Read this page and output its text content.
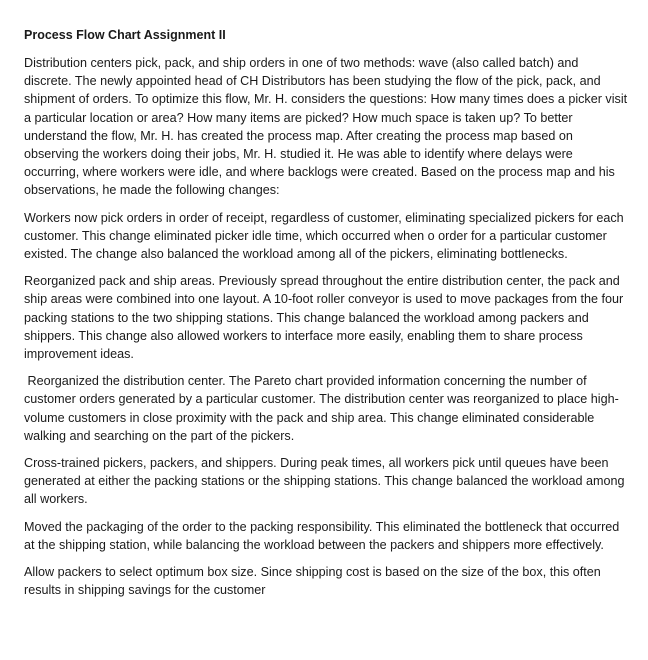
Process Flow Chart Assignment II

Distribution centers pick, pack, and ship orders in one of two methods: wave (also called batch) and discrete. The newly appointed head of CH Distributors has been studying the flow of the pick, pack, and shipment of orders. To optimize this flow, Mr. H. considers the questions: How many times does a picker visit a particular location or area? How many items are picked? How much space is taken up? To better understand the flow, Mr. H. has created the process map. After creating the process map based on observing the workers doing their jobs, Mr. H. studied it. He was able to identify where delays were occurring, where workers were idle, and where backlogs were created. Based on the process map and his observations, he made the following changes:

Workers now pick orders in order of receipt, regardless of customer, eliminating specialized pickers for each customer. This change eliminated picker idle time, which occurred when o order for a particular customer existed. The change also balanced the workload among all of the pickers, eliminating bottlenecks.

Reorganized pack and ship areas. Previously spread throughout the entire distribution center, the pack and ship areas were combined into one layout. A 10-foot roller conveyor is used to move packages from the four packing stations to the two shipping stations. This change balanced the workload among packers and shippers. This change also allowed workers to interface more easily, enabling them to share process improvement ideas.

Reorganized the distribution center. The Pareto chart provided information concerning the number of customer orders generated by a particular customer. The distribution center was reorganized to place high-volume customers in close proximity with the pack and ship area. This change eliminated considerable walking and searching on the part of the pickers.

Cross-trained pickers, packers, and shippers. During peak times, all workers pick until queues have been generated at either the packing stations or the shipping stations. This change balanced the workload among all workers.

Moved the packaging of the order to the packing responsibility. This eliminated the bottleneck that occurred at the shipping station, while balancing the workload between the packers and shippers more effectively.

Allow packers to select optimum box size. Since shipping cost is based on the size of the box, this often results in shipping savings for the customer
